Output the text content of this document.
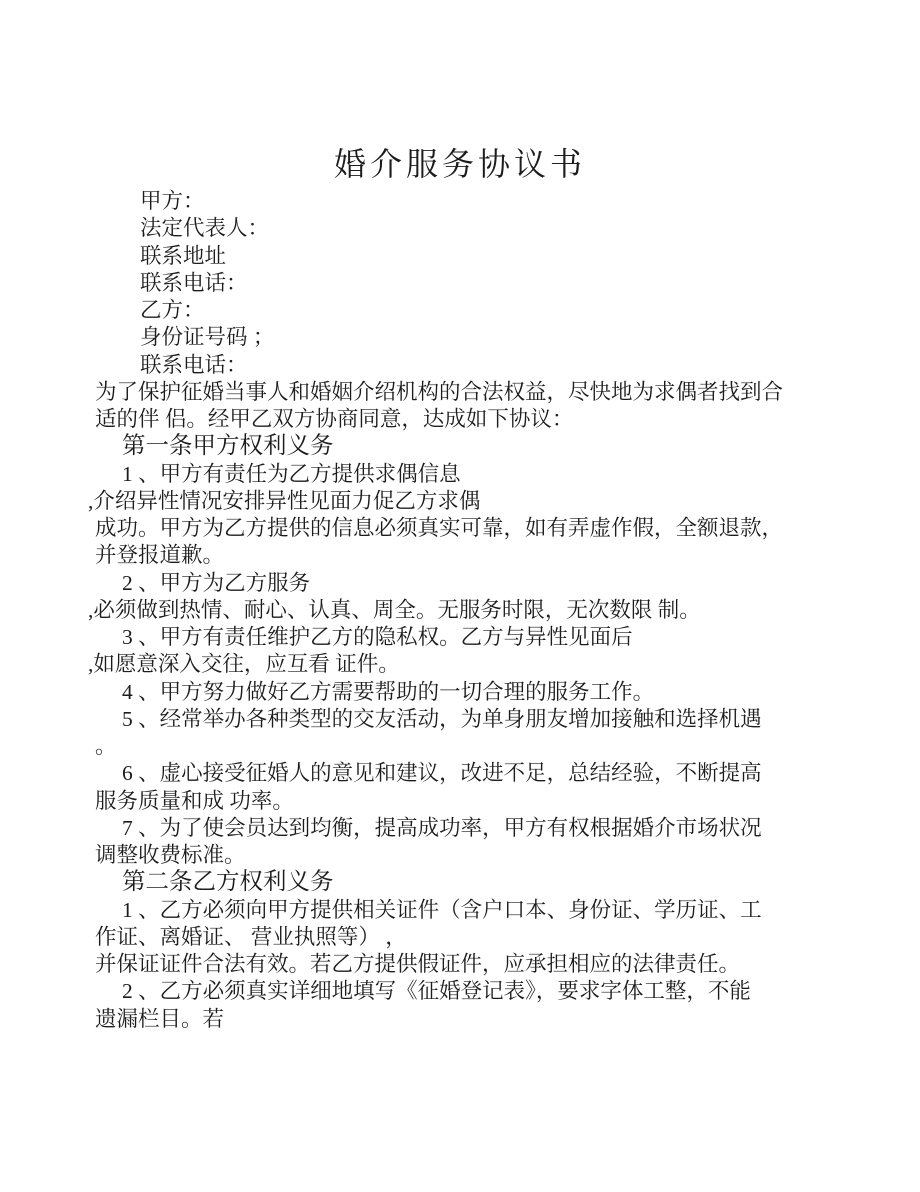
婚介服务协议书
甲方：
法定代表人：
联系地址
联系电话：
乙方：
身份证号码 ；
联系电话：
为了保护征婚当事人和婚姻介绍机构的合法权益，尽快地为求偶者找到合
适的伴 侣。经甲乙双方协商同意，达成如下协议：
第一条甲方权利义务
1 、甲方有责任为乙方提供求偶信息
,介绍异性情况安排异性见面力促乙方求偶
成功。甲方为乙方提供的信息必须真实可靠，如有弄虚作假，全额退款，
并登报道歉。
2 、甲方为乙方服务
,必须做到热情、耐心、认真、周全。无服务时限，无次数限 制。
3 、甲方有责任维护乙方的隐私权。乙方与异性见面后
,如愿意深入交往，应互看 证件。
4 、甲方努力做好乙方需要帮助的一切合理的服务工作。
5 、经常举办各种类型的交友活动，为单身朋友增加接触和选择机遇
。
6 、虚心接受征婚人的意见和建议，改进不足，总结经验，不断提高
服务质量和成 功率。
7 、为了使会员达到均衡，提高成功率，甲方有权根据婚介市场状况
调整收费标准。
第二条乙方权利义务
1 、乙方必须向甲方提供相关证件（含户口本、身份证、学历证、工
作证、离婚证、 营业执照等） ，
并保证证件合法有效。若乙方提供假证件，应承担相应的法律责任。
2 、乙方必须真实详细地填写《征婚登记表》，要求字体工整，不能
遗漏栏目。若
